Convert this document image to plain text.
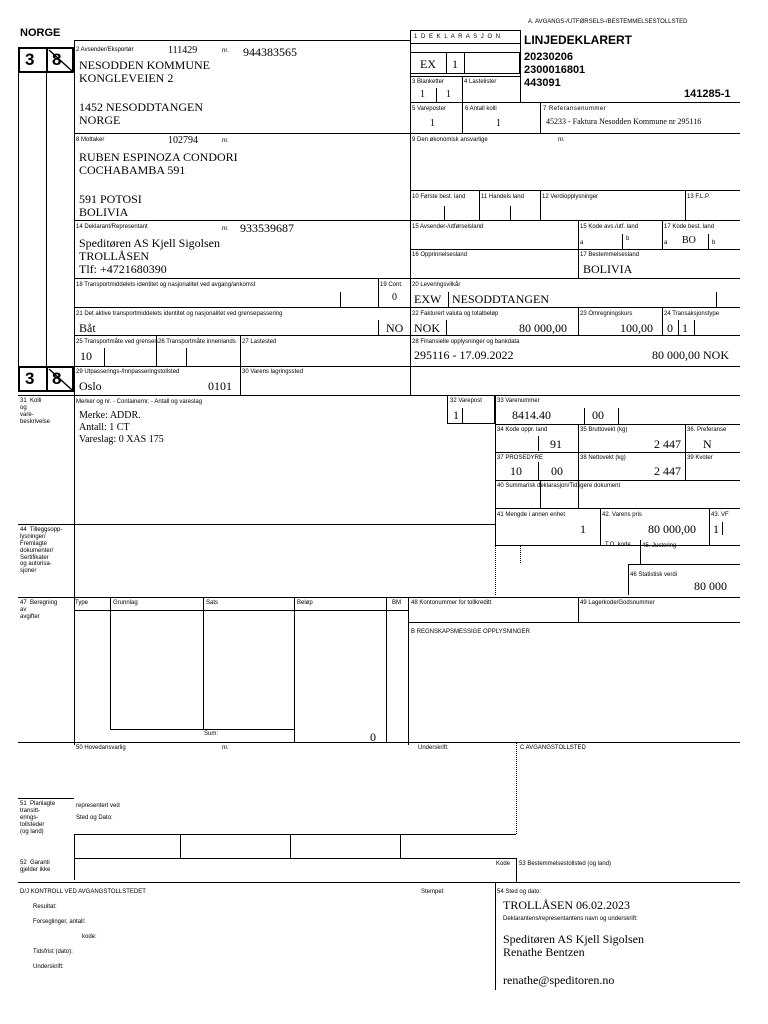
A. AVGANGS-/UTFØRSELS-/BESTEMMELSESTOLLSTED
NORGE
3 8
3 8
1 D E K L A R A S J O N
EX 1
LINJEDEKLARERT
20230206
2300016801
443091
141285-1
2 Avsender/Eksportør	111429	nr. 944383565
NESODDEN KOMMUNE
KONGLEVEIEN 2
1452 NESODDTANGEN
NORGE
3 Blanketter	4 Lastelister
1 1
5 Vareposter	6 Antall kolli	7 Referansenummer
1	1	45233 - Faktura Nesodden Kommune nr 295116
8 Mottaker	102794	nr.
RUBEN ESPINOZA CONDORI
COCHABAMBA 591
591 POTOSI
BOLIVIA
9 Den økonomisk ansvarlige	nr.
10 Første best. land	11 Handels land	12 Verdiopplysninger	13 F.L.P.
14 Deklarant/Representant	nr. 933539687
Speditøren AS Kjell Sigolsen
TROLLÅSEN
Tlf: +4721680390
15 Avsender-/utførselsland	15 Kode avs./utf. land
a
b
17 Kode best. land
a BO	b
16 Opprinnelsesland	17 Bestemmelsesland
BOLIVIA
18 Transportmiddelets identitet og nasjonalitet ved avgang/ankomst	19 Cont.
0
20 Leveringsvilkår
EXW NESODDTANGEN
21 Det aktive transportmiddelets identitet og nasjonalitet ved grensepassering
Båt	NO
22 Fakturert valuta og totalbeløp
NOK	80 000,00
23 Omregningskurs
100,00
24 Transaksjonstype
0 1
25 Transportmåte ved grensen
10
26 Transportmåte innenlands 27 Lastested	28 Finansielle opplysninger og bankdata
295116 - 17.09.2022	80 000,00 NOK
29 Utpasserings-/Innpasseringstollsted
Oslo	0101
30 Varens lagringssted
31  Kolli
og
vare-
beskrivelse
Merker og nr. - Containernr. - Antall og vareslag
Merke: ADDR.
Antall: 1 CT
Vareslag: 0 XAS 175
32 Varepost
1
33 Varenummer
8414.40	00
34 Kode oppr. land
91
35 Bruttovekt (kg)
2 447
36. Preferanse
N
37 PROSEDYRE
10 00
38 Nettovekt (kg)
2 447
39 Kvoter
40 Summarisk deklarasjon/Tidligere dokument
41 Mengde i annen enhet
1
42. Varens pris
80 000,00
43. VF
1
44  Tilleggsopp-
lysninger/
Fremlagte
dokumenter/
Sertifikater
og autorisa-
sjoner
T.O. kode 45. Justering
46 Statistisk verdi
80 000
47  Beregning
av
avgifter
Type	Grunnlag	Sats	Beløp	BM
Sum:	0
48 Kontonummer for tollkreditt	49 Lagerkode/Godsnummer
B REGNSKAPSMESSIGE OPPLYSNINGER
50 Hovedansvarlig	nr.	Underskrift:
representert ved
Sted og Dato:
C AVGANGSTOLLSTED
51  Planlagte
transitt-
erings-
tollsteder
(og land)
52  Garanti
gjelder ikke
Kode 53 Bestemmelsestollsted (og land)
D/J KONTROLL VED AVGANGSTOLLSTEDET
Resultat:
Forseglinger, antall:
kode:
Tidsfrist (dato):
Underskrift:
Stempel:	54 Sted og dato:
TROLLÅSEN 06.02.2023
Deklarantens/representantens navn og underskrift:
Speditøren AS Kjell Sigolsen
Renathe Bentzen
renathe@speditoren.no
